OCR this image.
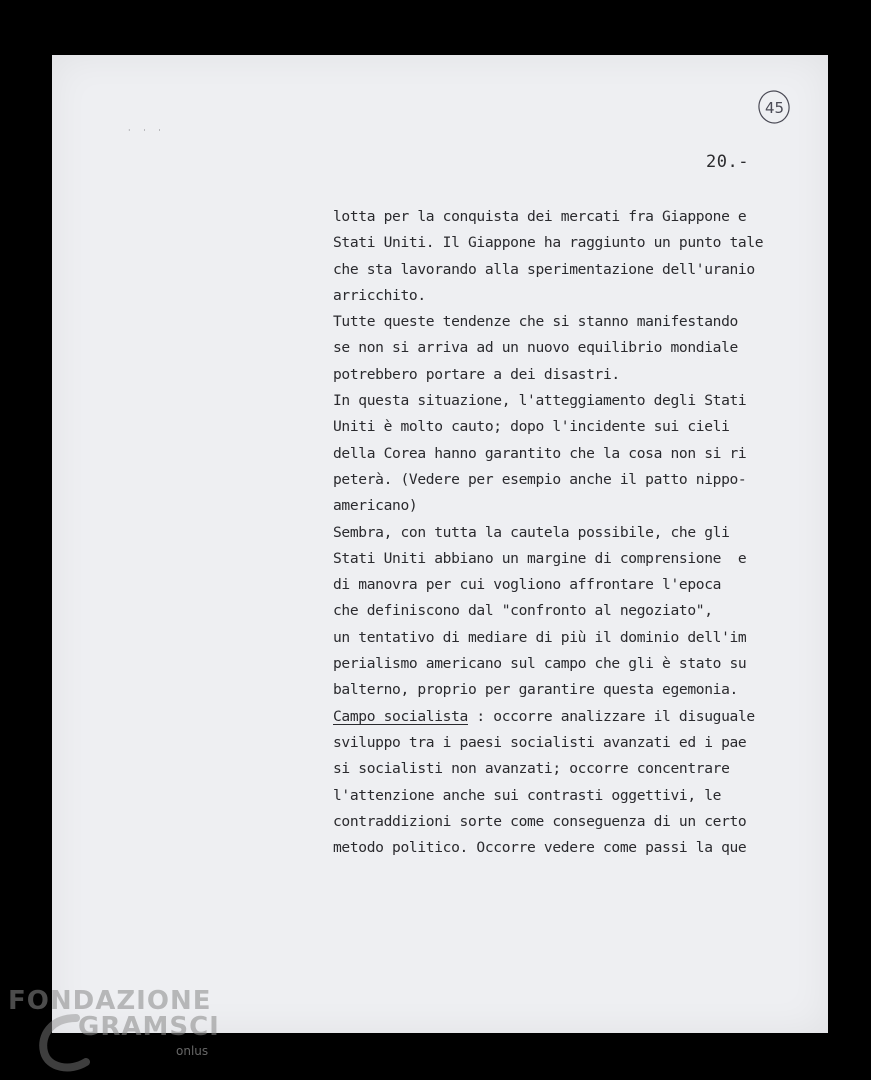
· · ·
45
20.-
lotta per la conquista dei mercati fra Giappone e
Stati Uniti. Il Giappone ha raggiunto un punto tale
che sta lavorando alla sperimentazione dell'uranio
arricchito.
Tutte queste tendenze che si stanno manifestando
se non si arriva ad un nuovo equilibrio mondiale
potrebbero portare a dei disastri.
In questa situazione, l'atteggiamento degli Stati
Uniti è molto cauto; dopo l'incidente sui cieli
della Corea hanno garantito che la cosa non si ri
peterà. (Vedere per esempio anche il patto nippo-
americano)
Sembra, con tutta la cautela possibile, che gli
Stati Uniti abbiano un margine di comprensione  e
di manovra per cui vogliono affrontare l'epoca
che definiscono dal "confronto al negoziato",
un tentativo di mediare di più il dominio dell'im
perialismo americano sul campo che gli è stato su
balterno, proprio per garantire questa egemonia.
Campo socialista : occorre analizzare il disuguale
sviluppo tra i paesi socialisti avanzati ed i pae
si socialisti non avanzati; occorre concentrare
l'attenzione anche sui contrasti oggettivi, le
contraddizioni sorte come conseguenza di un certo
metodo politico. Occorre vedere come passi la que
FONDAZIONE
GRAMSCI
onlus
